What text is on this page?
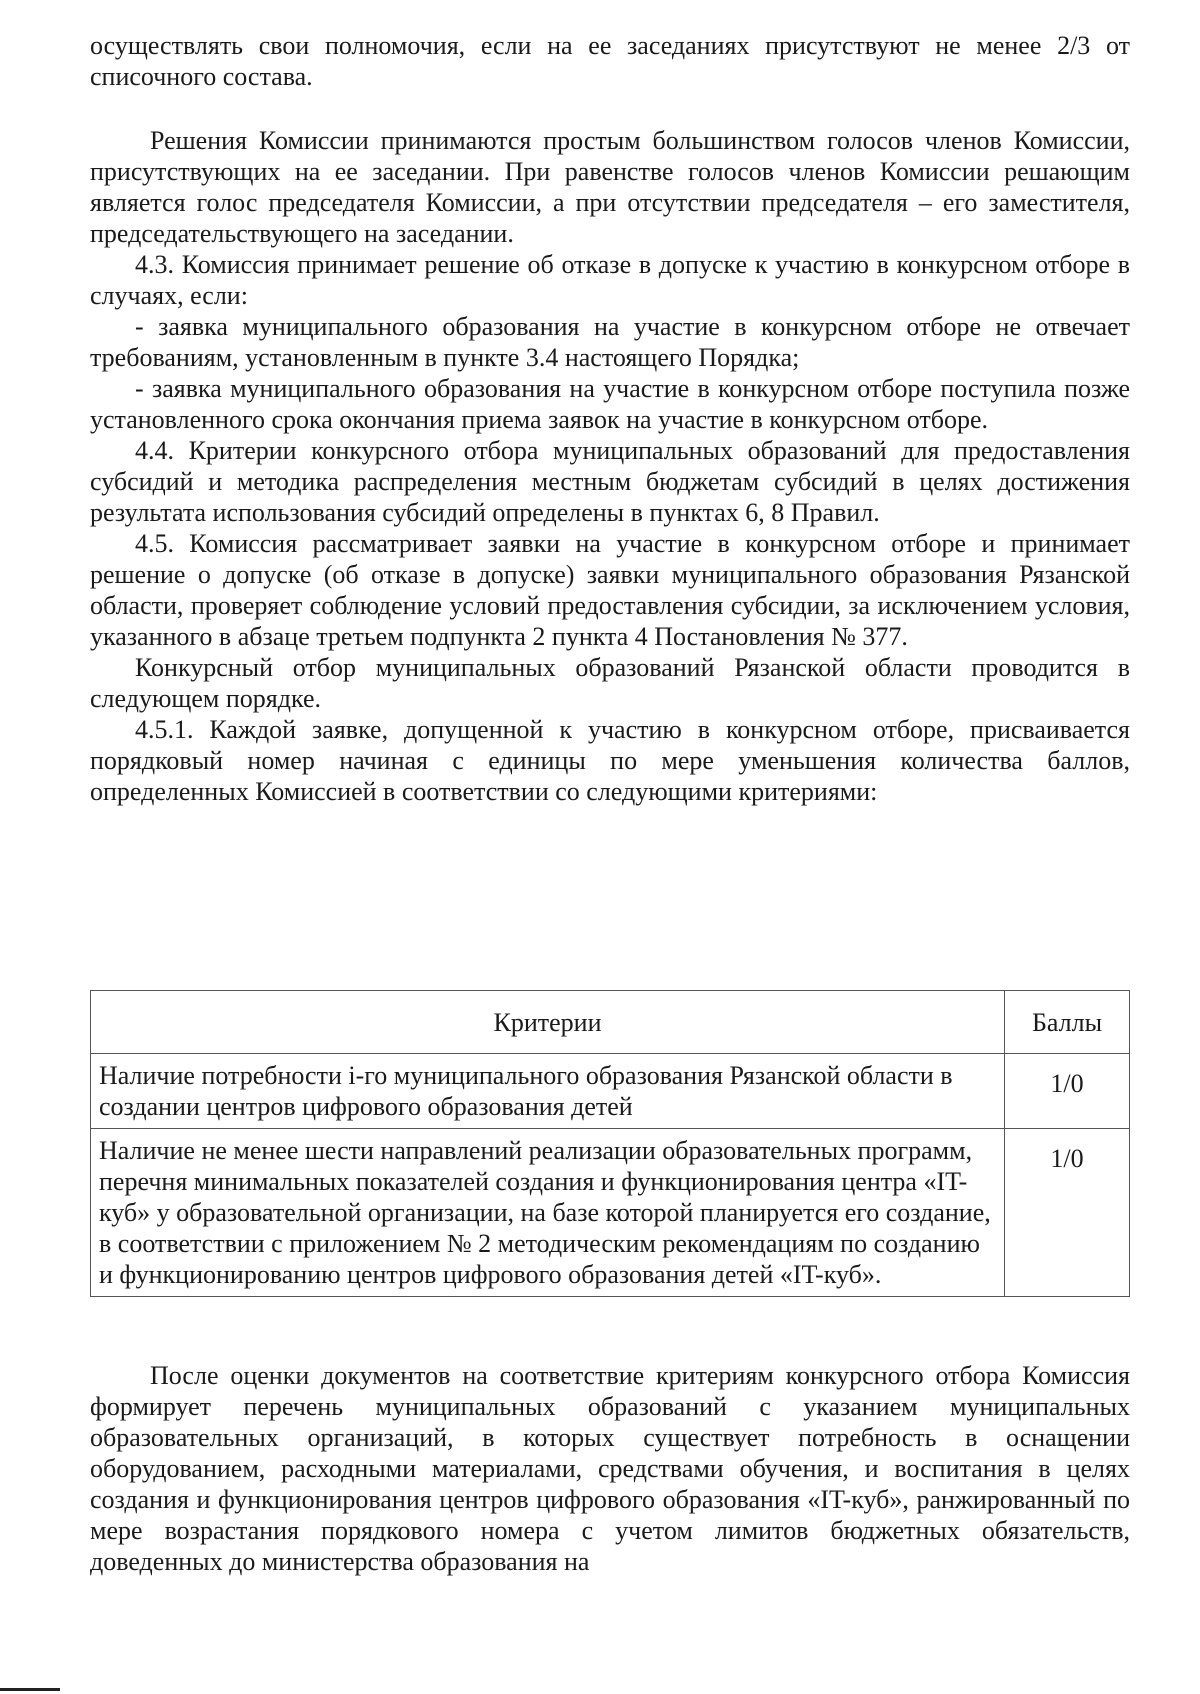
осуществлять свои полномочия, если на ее заседаниях присутствуют не менее 2/3 от списочного состава.

Решения Комиссии принимаются простым большинством голосов членов Комиссии, присутствующих на ее заседании. При равенстве голосов членов Комиссии решающим является голос председателя Комиссии, а при отсутствии председателя – его заместителя, председательствующего на заседании.

4.3. Комиссия принимает решение об отказе в допуске к участию в конкурсном отборе в случаях, если:

- заявка муниципального образования на участие в конкурсном отборе не отвечает требованиям, установленным в пункте 3.4 настоящего Порядка;

- заявка муниципального образования на участие в конкурсном отборе поступила позже установленного срока окончания приема заявок на участие в конкурсном отборе.

4.4. Критерии конкурсного отбора муниципальных образований для предоставления субсидий и методика распределения местным бюджетам субсидий в целях достижения результата использования субсидий определены в пунктах 6, 8 Правил.

4.5. Комиссия рассматривает заявки на участие в конкурсном отборе и принимает решение о допуске (об отказе в допуске) заявки муниципального образования Рязанской области, проверяет соблюдение условий предоставления субсидии, за исключением условия, указанного в абзаце третьем подпункта 2 пункта 4 Постановления № 377.

Конкурсный отбор муниципальных образований Рязанской области проводится в следующем порядке.

4.5.1. Каждой заявке, допущенной к участию в конкурсном отборе, присваивается порядковый номер начиная с единицы по мере уменьшения количества баллов, определенных Комиссией в соответствии со следующими критериями:

Критерии	Баллы
Наличие потребности i-го муниципального образования Рязанской области в создании центров цифрового образования детей	1/0
Наличие не менее шести направлений реализации образовательных программ, перечня минимальных показателей создания и функционирования центра «IT-куб» у образовательной организации, на базе которой планируется его создание, в соответствии с приложением № 2 методическим рекомендациям по созданию и функционированию центров цифрового образования детей «IT-куб».	1/0

После оценки документов на соответствие критериям конкурсного отбора Комиссия формирует перечень муниципальных образований с указанием муниципальных образовательных организаций, в которых существует потребность в оснащении оборудованием, расходными материалами, средствами обучения, и воспитания в целях создания и функционирования центров цифрового образования «IT-куб», ранжированный по мере возрастания порядкового номера с учетом лимитов бюджетных обязательств, доведенных до министерства образования на
